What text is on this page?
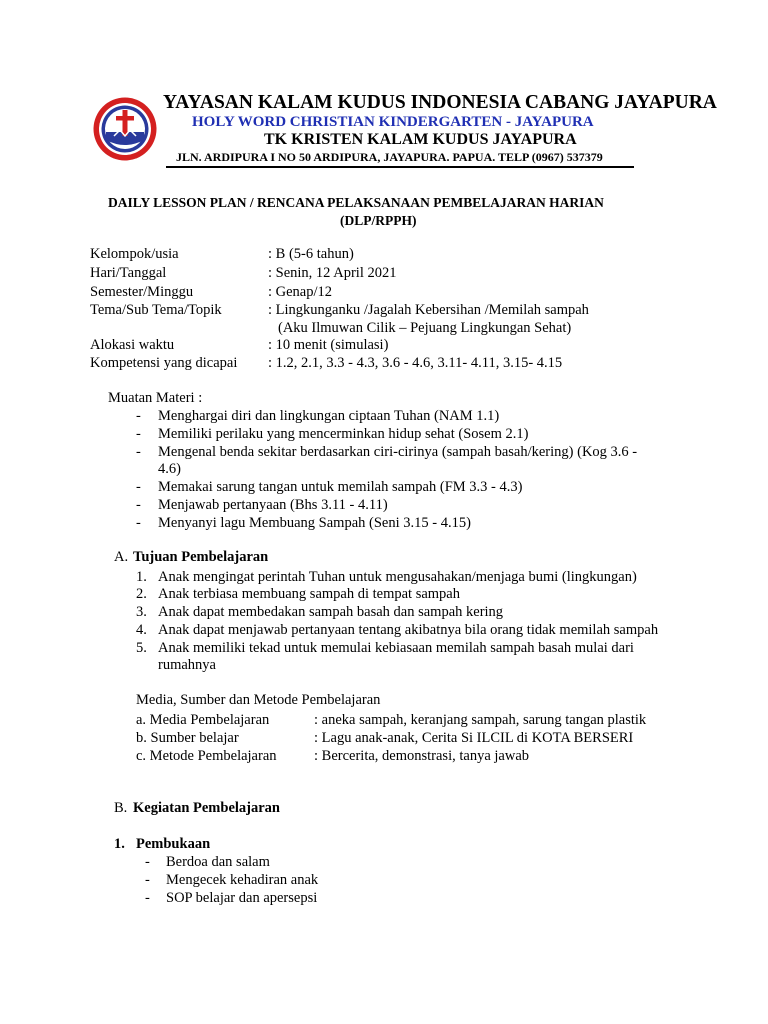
YAYASAN KALAM KUDUS INDONESIA CABANG JAYAPURA
HOLY WORD CHRISTIAN KINDERGARTEN - JAYAPURA
TK KRISTEN KALAM KUDUS JAYAPURA
JLN. ARDIPURA I NO 50 ARDIPURA, JAYAPURA. PAPUA. TELP (0967) 537379
DAILY LESSON PLAN / RENCANA PELAKSANAAN PEMBELAJARAN HARIAN
(DLP/RPPH)
Kelompok/usia	: B (5-6 tahun)
Hari/Tanggal	: Senin, 12 April 2021
Semester/Minggu	: Genap/12
Tema/Sub Tema/Topik	: Lingkunganku /Jagalah Kebersihan /Memilah sampah
(Aku Ilmuwan Cilik – Pejuang Lingkungan Sehat)
Alokasi waktu	: 10 menit (simulasi)
Kompetensi yang dicapai : 1.2, 2.1, 3.3 - 4.3, 3.6 - 4.6, 3.11- 4.11, 3.15- 4.15
Muatan Materi :
-	Menghargai diri dan lingkungan ciptaan Tuhan (NAM 1.1)
-	Memiliki perilaku yang mencerminkan hidup sehat (Sosem 2.1)
-	Mengenal benda sekitar berdasarkan ciri-cirinya (sampah basah/kering) (Kog 3.6 -
4.6)
-	Memakai sarung tangan untuk memilah sampah (FM 3.3 - 4.3)
-	Menjawab pertanyaan (Bhs 3.11 - 4.11)
-	Menyanyi lagu Membuang Sampah (Seni 3.15 - 4.15)
A. Tujuan Pembelajaran
1. Anak mengingat perintah Tuhan untuk mengusahakan/menjaga bumi (lingkungan)
2. Anak terbiasa membuang sampah di tempat sampah
3. Anak dapat membedakan sampah basah dan sampah kering
4. Anak dapat menjawab pertanyaan tentang akibatnya bila orang tidak memilah sampah
5. Anak memiliki tekad untuk memulai kebiasaan memilah sampah basah mulai dari
rumahnya
Media, Sumber dan Metode Pembelajaran
a. Media Pembelajaran	: aneka sampah, keranjang sampah, sarung tangan plastik
b. Sumber belajar	: Lagu anak-anak, Cerita Si ILCIL di KOTA BERSERI
c. Metode Pembelajaran	: Bercerita, demonstrasi, tanya jawab
B. Kegiatan Pembelajaran
1. Pembukaan
-	Berdoa dan salam
-	Mengecek kehadiran anak
-	SOP belajar dan apersepsi
